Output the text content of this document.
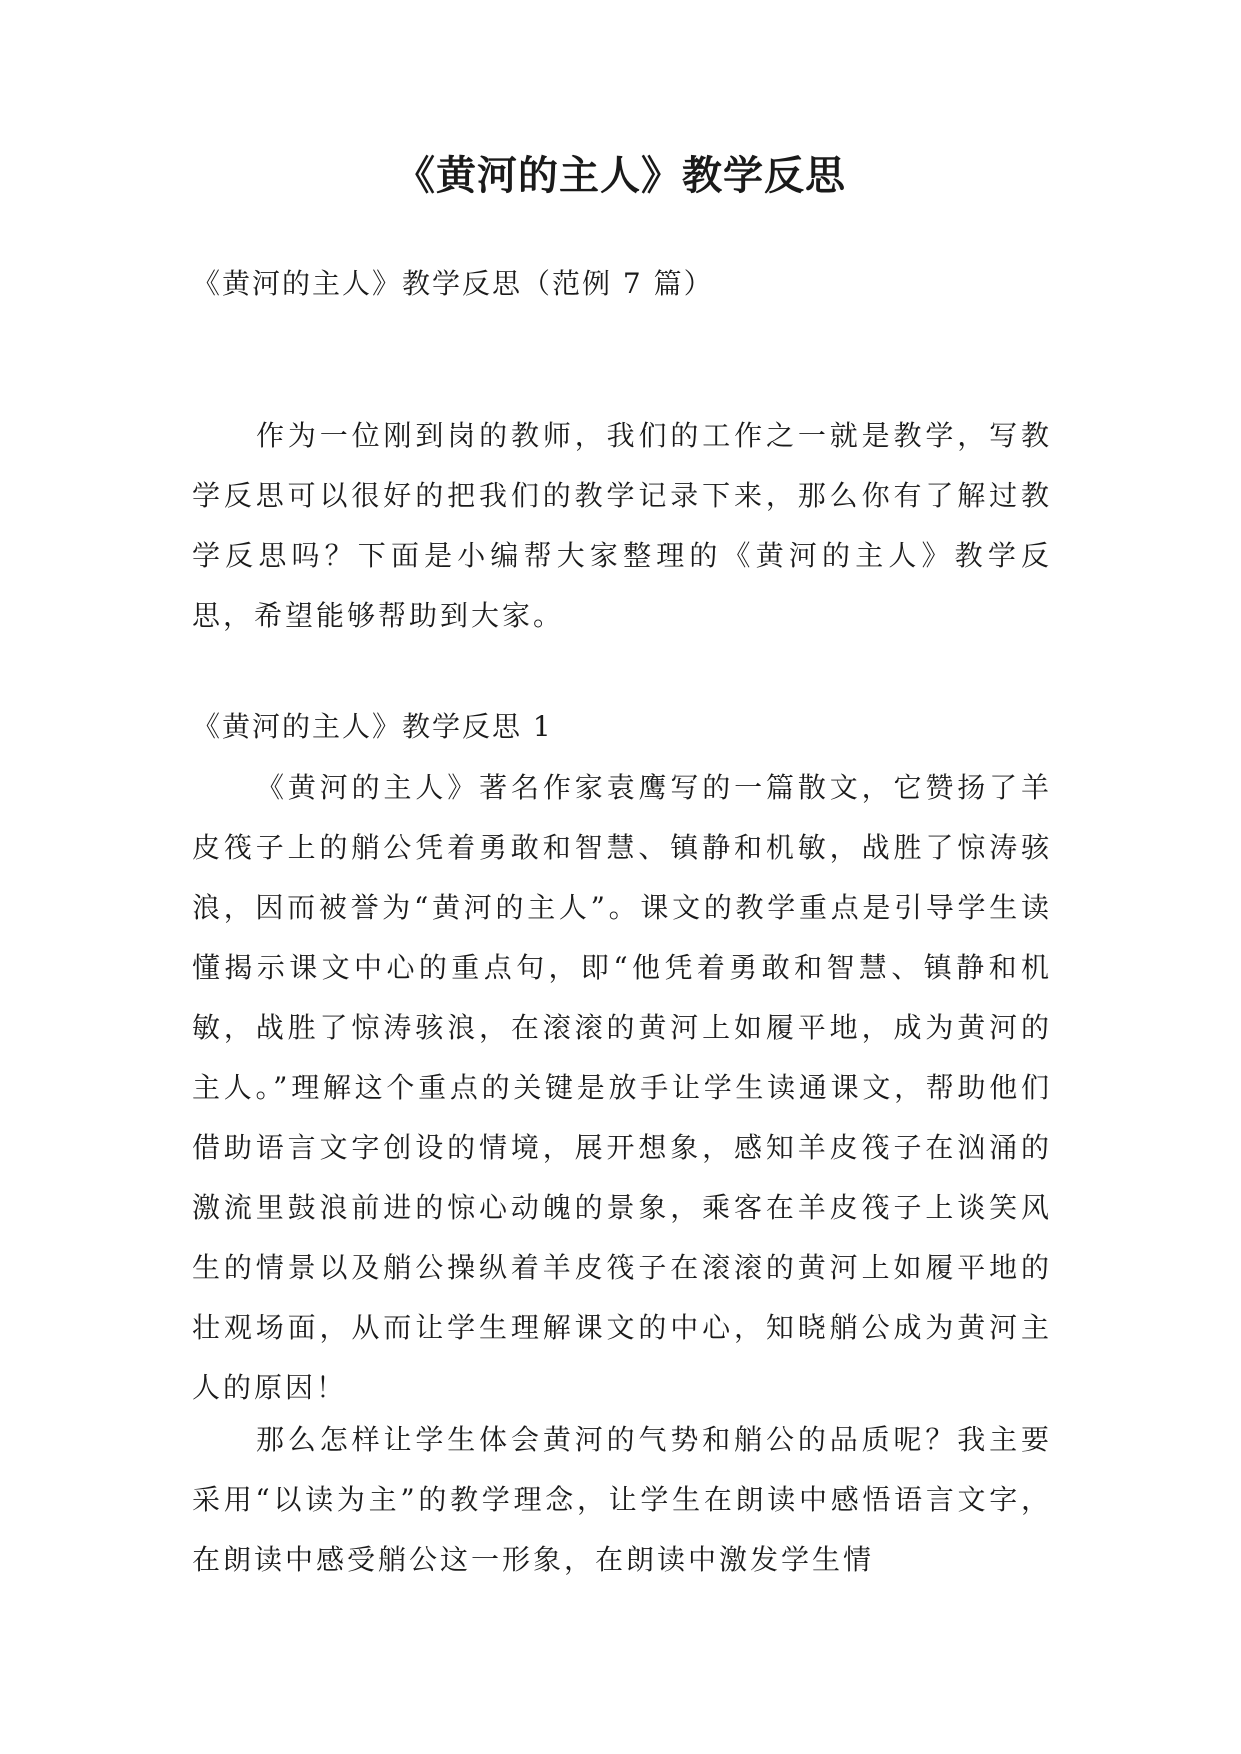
《黄河的主人》教学反思
《黄河的主人》教学反思（范例 7 篇）

作为一位刚到岗的教师，我们的工作之一就是教学，写教学反思可以很好的把我们的教学记录下来，那么你有了解过教学反思吗？下面是小编帮大家整理的《黄河的主人》教学反思，希望能够帮助到大家。

《黄河的主人》教学反思 1

《黄河的主人》著名作家袁鹰写的一篇散文，它赞扬了羊皮筏子上的艄公凭着勇敢和智慧、镇静和机敏，战胜了惊涛骇浪，因而被誉为“黄河的主人”。课文的教学重点是引导学生读懂揭示课文中心的重点句，即“他凭着勇敢和智慧、镇静和机敏，战胜了惊涛骇浪，在滚滚的黄河上如履平地，成为黄河的主人。”理解这个重点的关键是放手让学生读通课文，帮助他们借助语言文字创设的情境，展开想象，感知羊皮筏子在汹涌的激流里鼓浪前进的惊心动魄的景象，乘客在羊皮筏子上谈笑风生的情景以及艄公操纵着羊皮筏子在滚滚的黄河上如履平地的壮观场面，从而让学生理解课文的中心，知晓艄公成为黄河主人的原因！

那么怎样让学生体会黄河的气势和艄公的品质呢？我主要采用“以读为主”的教学理念，让学生在朗读中感悟语言文字，在朗读中感受艄公这一形象，在朗读中激发学生情
